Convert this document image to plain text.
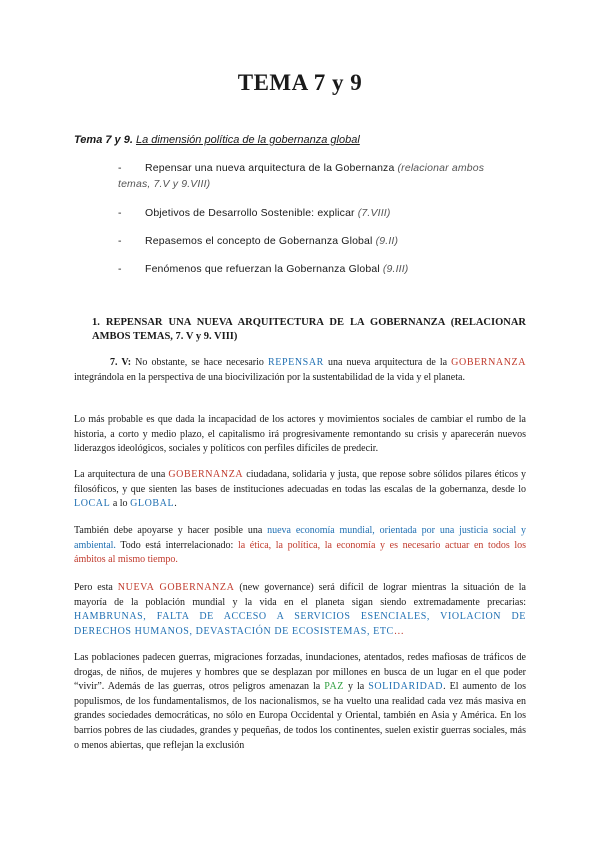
TEMA 7 y 9
Tema 7 y 9. La dimensión política de la gobernanza global
- Repensar una nueva arquitectura de la Gobernanza (relacionar ambos temas, 7.V y 9.VIII)
- Objetivos de Desarrollo Sostenible: explicar (7.VIII)
- Repasemos el concepto de Gobernanza Global (9.II)
- Fenómenos que refuerzan la Gobernanza Global (9.III)
1. REPENSAR UNA NUEVA ARQUITECTURA DE LA GOBERNANZA (RELACIONAR AMBOS TEMAS, 7. V y 9. VIII)

7. V: No obstante, se hace necesario REPENSAR una nueva arquitectura de la GOBERNANZA integrándola en la perspectiva de una biocivilización por la sustentabilidad de la vida y el planeta.

Lo más probable es que dada la incapacidad de los actores y movimientos sociales de cambiar el rumbo de la historia, a corto y medio plazo, el capitalismo irá progresivamente remontando su crisis y aparecerán nuevos liderazgos ideológicos, sociales y políticos con perfiles difíciles de predecir.

La arquitectura de una GOBERNANZA ciudadana, solidaria y justa, que repose sobre sólidos pilares éticos y filosóficos, y que sienten las bases de instituciones adecuadas en todas las escalas de la gobernanza, desde lo LOCAL a lo GLOBAL.

También debe apoyarse y hacer posible una nueva economía mundial, orientada por una justicia social y ambiental. Todo está interrelacionado: la ética, la política, la economía y es necesario actuar en todos los ámbitos al mismo tiempo.

Pero esta NUEVA GOBERNANZA (new governance) será difícil de lograr mientras la situación de la mayoría de la población mundial y la vida en el planeta sigan siendo extremadamente precarias: HAMBRUNAS, FALTA DE ACCESO A SERVICIOS ESENCIALES, VIOLACION DE DERECHOS HUMANOS, DEVASTACIÓN DE ECOSISTEMAS, ETC…

Las poblaciones padecen guerras, migraciones forzadas, inundaciones, atentados, redes mafiosas de tráficos de drogas, de niños, de mujeres y hombres que se desplazan por millones en busca de un lugar en el que poder “vivir”. Además de las guerras, otros peligros amenazan la PAZ y la SOLIDARIDAD. El aumento de los populismos, de los fundamentalismos, de los nacionalismos, se ha vuelto una realidad cada vez más masiva en grandes sociedades democráticas, no sólo en Europa Occidental y Oriental, también en Asia y América. En los barrios pobres de las ciudades, grandes y pequeñas, de todos los continentes, suelen existir guerras sociales, más o menos abiertas, que reflejan la exclusión
